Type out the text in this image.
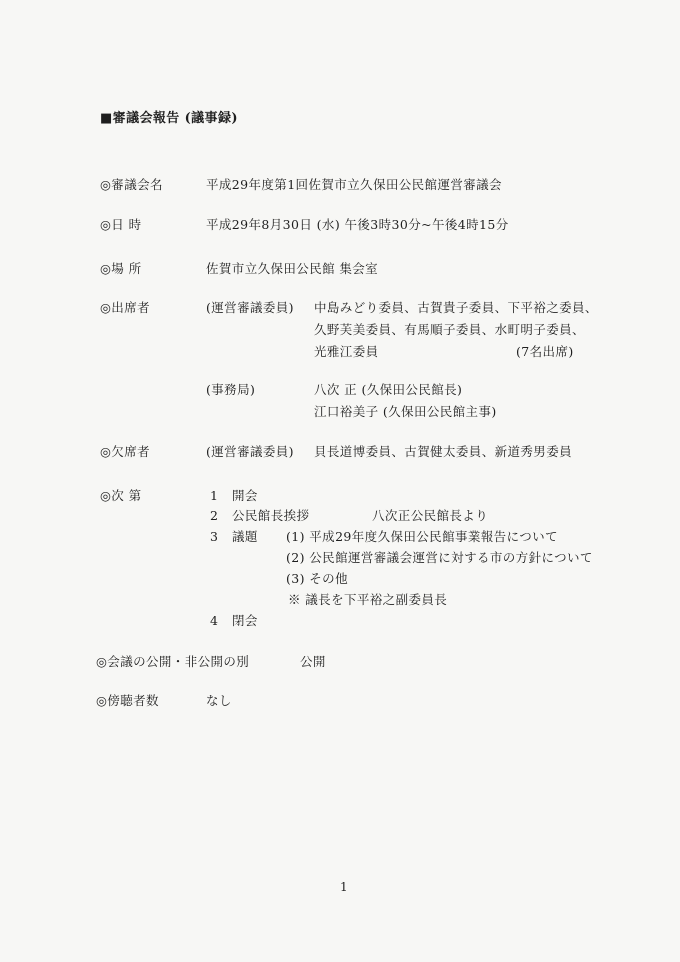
■審議会報告 (議事録)
◎審議会名	平成29年度第1回佐賀市立久保田公民館運営審議会
◎日 時	平成29年8月30日 (水) 午後3時30分~午後4時15分
◎場 所	佐賀市立久保田公民館 集会室
◎出席者	(運営審議委員) 中島みどり委員、古賀貴子委員、下平裕之委員、
久野芙美委員、有馬順子委員、水町明子委員、
光雅江委員	(7名出席)
(事務局)	八次 正 (久保田公民館長)
江口裕美子 (久保田公民館主事)
◎欠席者	(運営審議委員) 貝長道博委員、古賀健太委員、新道秀男委員
◎次 第	1 開会
2 公民館長挨拶	八次正公民館長より
3 議題 (1) 平成29年度久保田公民館事業報告について
(2) 公民館運営審議会運営に対する市の方針について
(3) その他
※ 議長を下平裕之副委員長
4 閉会
◎会議の公開・非公開の別	公開
◎傍聴者数	なし
1
